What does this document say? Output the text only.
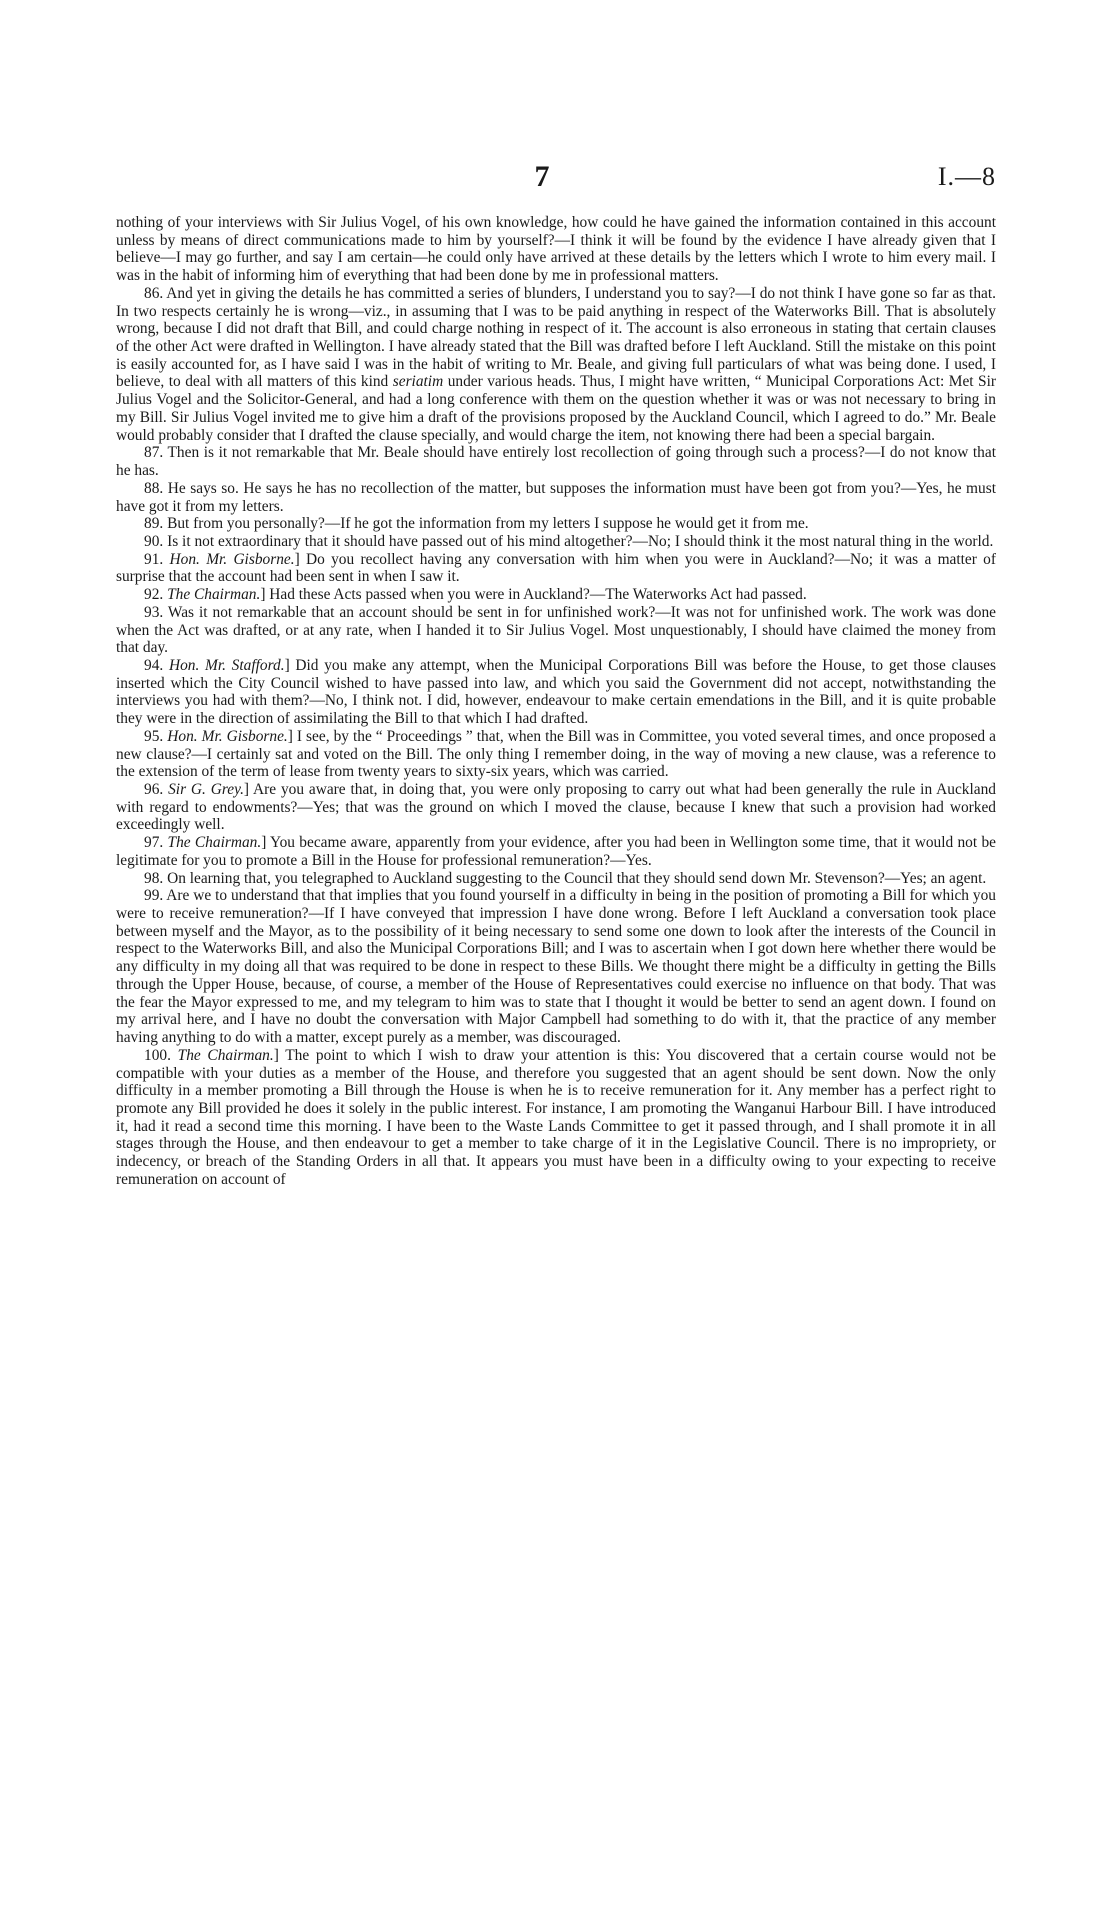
7	I.—8

nothing of your interviews with Sir Julius Vogel, of his own knowledge, how could he have gained the information contained in this account unless by means of direct communications made to him by yourself?—I think it will be found by the evidence I have already given that I believe—I may go further, and say I am certain—he could only have arrived at these details by the letters which I wrote to him every mail. I was in the habit of informing him of everything that had been done by me in professional matters.

86. And yet in giving the details he has committed a series of blunders, I understand you to say?—I do not think I have gone so far as that. In two respects certainly he is wrong—viz., in assuming that I was to be paid anything in respect of the Waterworks Bill. That is absolutely wrong, because I did not draft that Bill, and could charge nothing in respect of it. The account is also erroneous in stating that certain clauses of the other Act were drafted in Wellington. I have already stated that the Bill was drafted before I left Auckland. Still the mistake on this point is easily accounted for, as I have said I was in the habit of writing to Mr. Beale, and giving full particulars of what was being done. I used, I believe, to deal with all matters of this kind seriatim under various heads. Thus, I might have written, “ Municipal Corporations Act: Met Sir Julius Vogel and the Solicitor-General, and had a long conference with them on the question whether it was or was not necessary to bring in my Bill. Sir Julius Vogel invited me to give him a draft of the provisions proposed by the Auckland Council, which I agreed to do.” Mr. Beale would probably consider that I drafted the clause specially, and would charge the item, not knowing there had been a special bargain.

87. Then is it not remarkable that Mr. Beale should have entirely lost recollection of going through such a process?—I do not know that he has.

88. He says so. He says he has no recollection of the matter, but supposes the information must have been got from you?—Yes, he must have got it from my letters.

89. But from you personally?—If he got the information from my letters I suppose he would get it from me.

90. Is it not extraordinary that it should have passed out of his mind altogether?—No; I should think it the most natural thing in the world.

91. Hon. Mr. Gisborne.] Do you recollect having any conversation with him when you were in Auckland?—No; it was a matter of surprise that the account had been sent in when I saw it.

92. The Chairman.] Had these Acts passed when you were in Auckland?—The Waterworks Act had passed.

93. Was it not remarkable that an account should be sent in for unfinished work?—It was not for unfinished work. The work was done when the Act was drafted, or at any rate, when I handed it to Sir Julius Vogel. Most unquestionably, I should have claimed the money from that day.

94. Hon. Mr. Stafford.] Did you make any attempt, when the Municipal Corporations Bill was before the House, to get those clauses inserted which the City Council wished to have passed into law, and which you said the Government did not accept, notwithstanding the interviews you had with them?—No, I think not. I did, however, endeavour to make certain emendations in the Bill, and it is quite probable they were in the direction of assimilating the Bill to that which I had drafted.

95. Hon. Mr. Gisborne.] I see, by the “ Proceedings ” that, when the Bill was in Committee, you voted several times, and once proposed a new clause?—I certainly sat and voted on the Bill. The only thing I remember doing, in the way of moving a new clause, was a reference to the extension of the term of lease from twenty years to sixty-six years, which was carried.

96. Sir G. Grey.] Are you aware that, in doing that, you were only proposing to carry out what had been generally the rule in Auckland with regard to endowments?—Yes; that was the ground on which I moved the clause, because I knew that such a provision had worked exceedingly well.

97. The Chairman.] You became aware, apparently from your evidence, after you had been in Wellington some time, that it would not be legitimate for you to promote a Bill in the House for professional remuneration?—Yes.

98. On learning that, you telegraphed to Auckland suggesting to the Council that they should send down Mr. Stevenson?—Yes; an agent.

99. Are we to understand that that implies that you found yourself in a difficulty in being in the position of promoting a Bill for which you were to receive remuneration?—If I have conveyed that impression I have done wrong. Before I left Auckland a conversation took place between myself and the Mayor, as to the possibility of it being necessary to send some one down to look after the interests of the Council in respect to the Waterworks Bill, and also the Municipal Corporations Bill; and I was to ascertain when I got down here whether there would be any difficulty in my doing all that was required to be done in respect to these Bills. We thought there might be a difficulty in getting the Bills through the Upper House, because, of course, a member of the House of Representatives could exercise no influence on that body. That was the fear the Mayor expressed to me, and my telegram to him was to state that I thought it would be better to send an agent down. I found on my arrival here, and I have no doubt the conversation with Major Campbell had something to do with it, that the practice of any member having anything to do with a matter, except purely as a member, was discouraged.

100. The Chairman.] The point to which I wish to draw your attention is this: You discovered that a certain course would not be compatible with your duties as a member of the House, and therefore you suggested that an agent should be sent down. Now the only difficulty in a member promoting a Bill through the House is when he is to receive remuneration for it. Any member has a perfect right to promote any Bill provided he does it solely in the public interest. For instance, I am promoting the Wanganui Harbour Bill. I have introduced it, had it read a second time this morning. I have been to the Waste Lands Committee to get it passed through, and I shall promote it in all stages through the House, and then endeavour to get a member to take charge of it in the Legislative Council. There is no impropriety, or indecency, or breach of the Standing Orders in all that. It appears you must have been in a difficulty owing to your expecting to receive remuneration on account of
